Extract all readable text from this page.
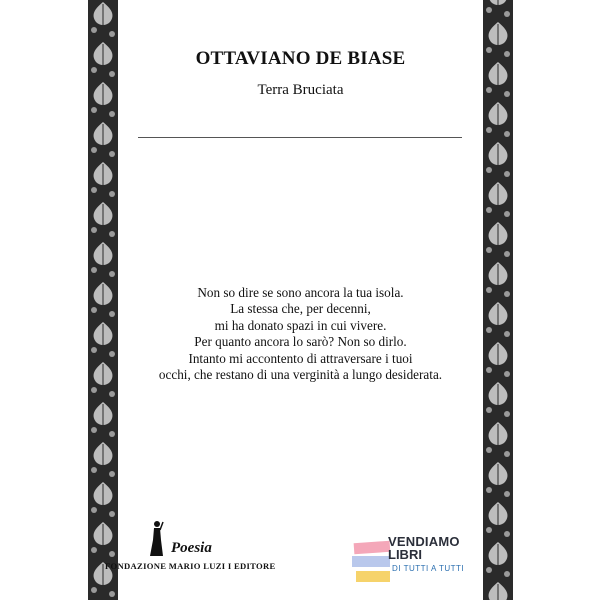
OTTAVIANO DE BIASE
Terra Bruciata
Non so dire se sono ancora la tua isola.
La stessa che, per decenni,
mi ha donato spazi in cui vivere.
Per quanto ancora lo sarò? Non so dirlo.
Intanto mi accontento di attraversare i tuoi
occhi, che restano di una verginità a lungo desiderata.
Poesia
FONDAZIONE MARIO LUZI I EDITORE
VENDIAMO
LIBRI
DI TUTTI A TUTTI
